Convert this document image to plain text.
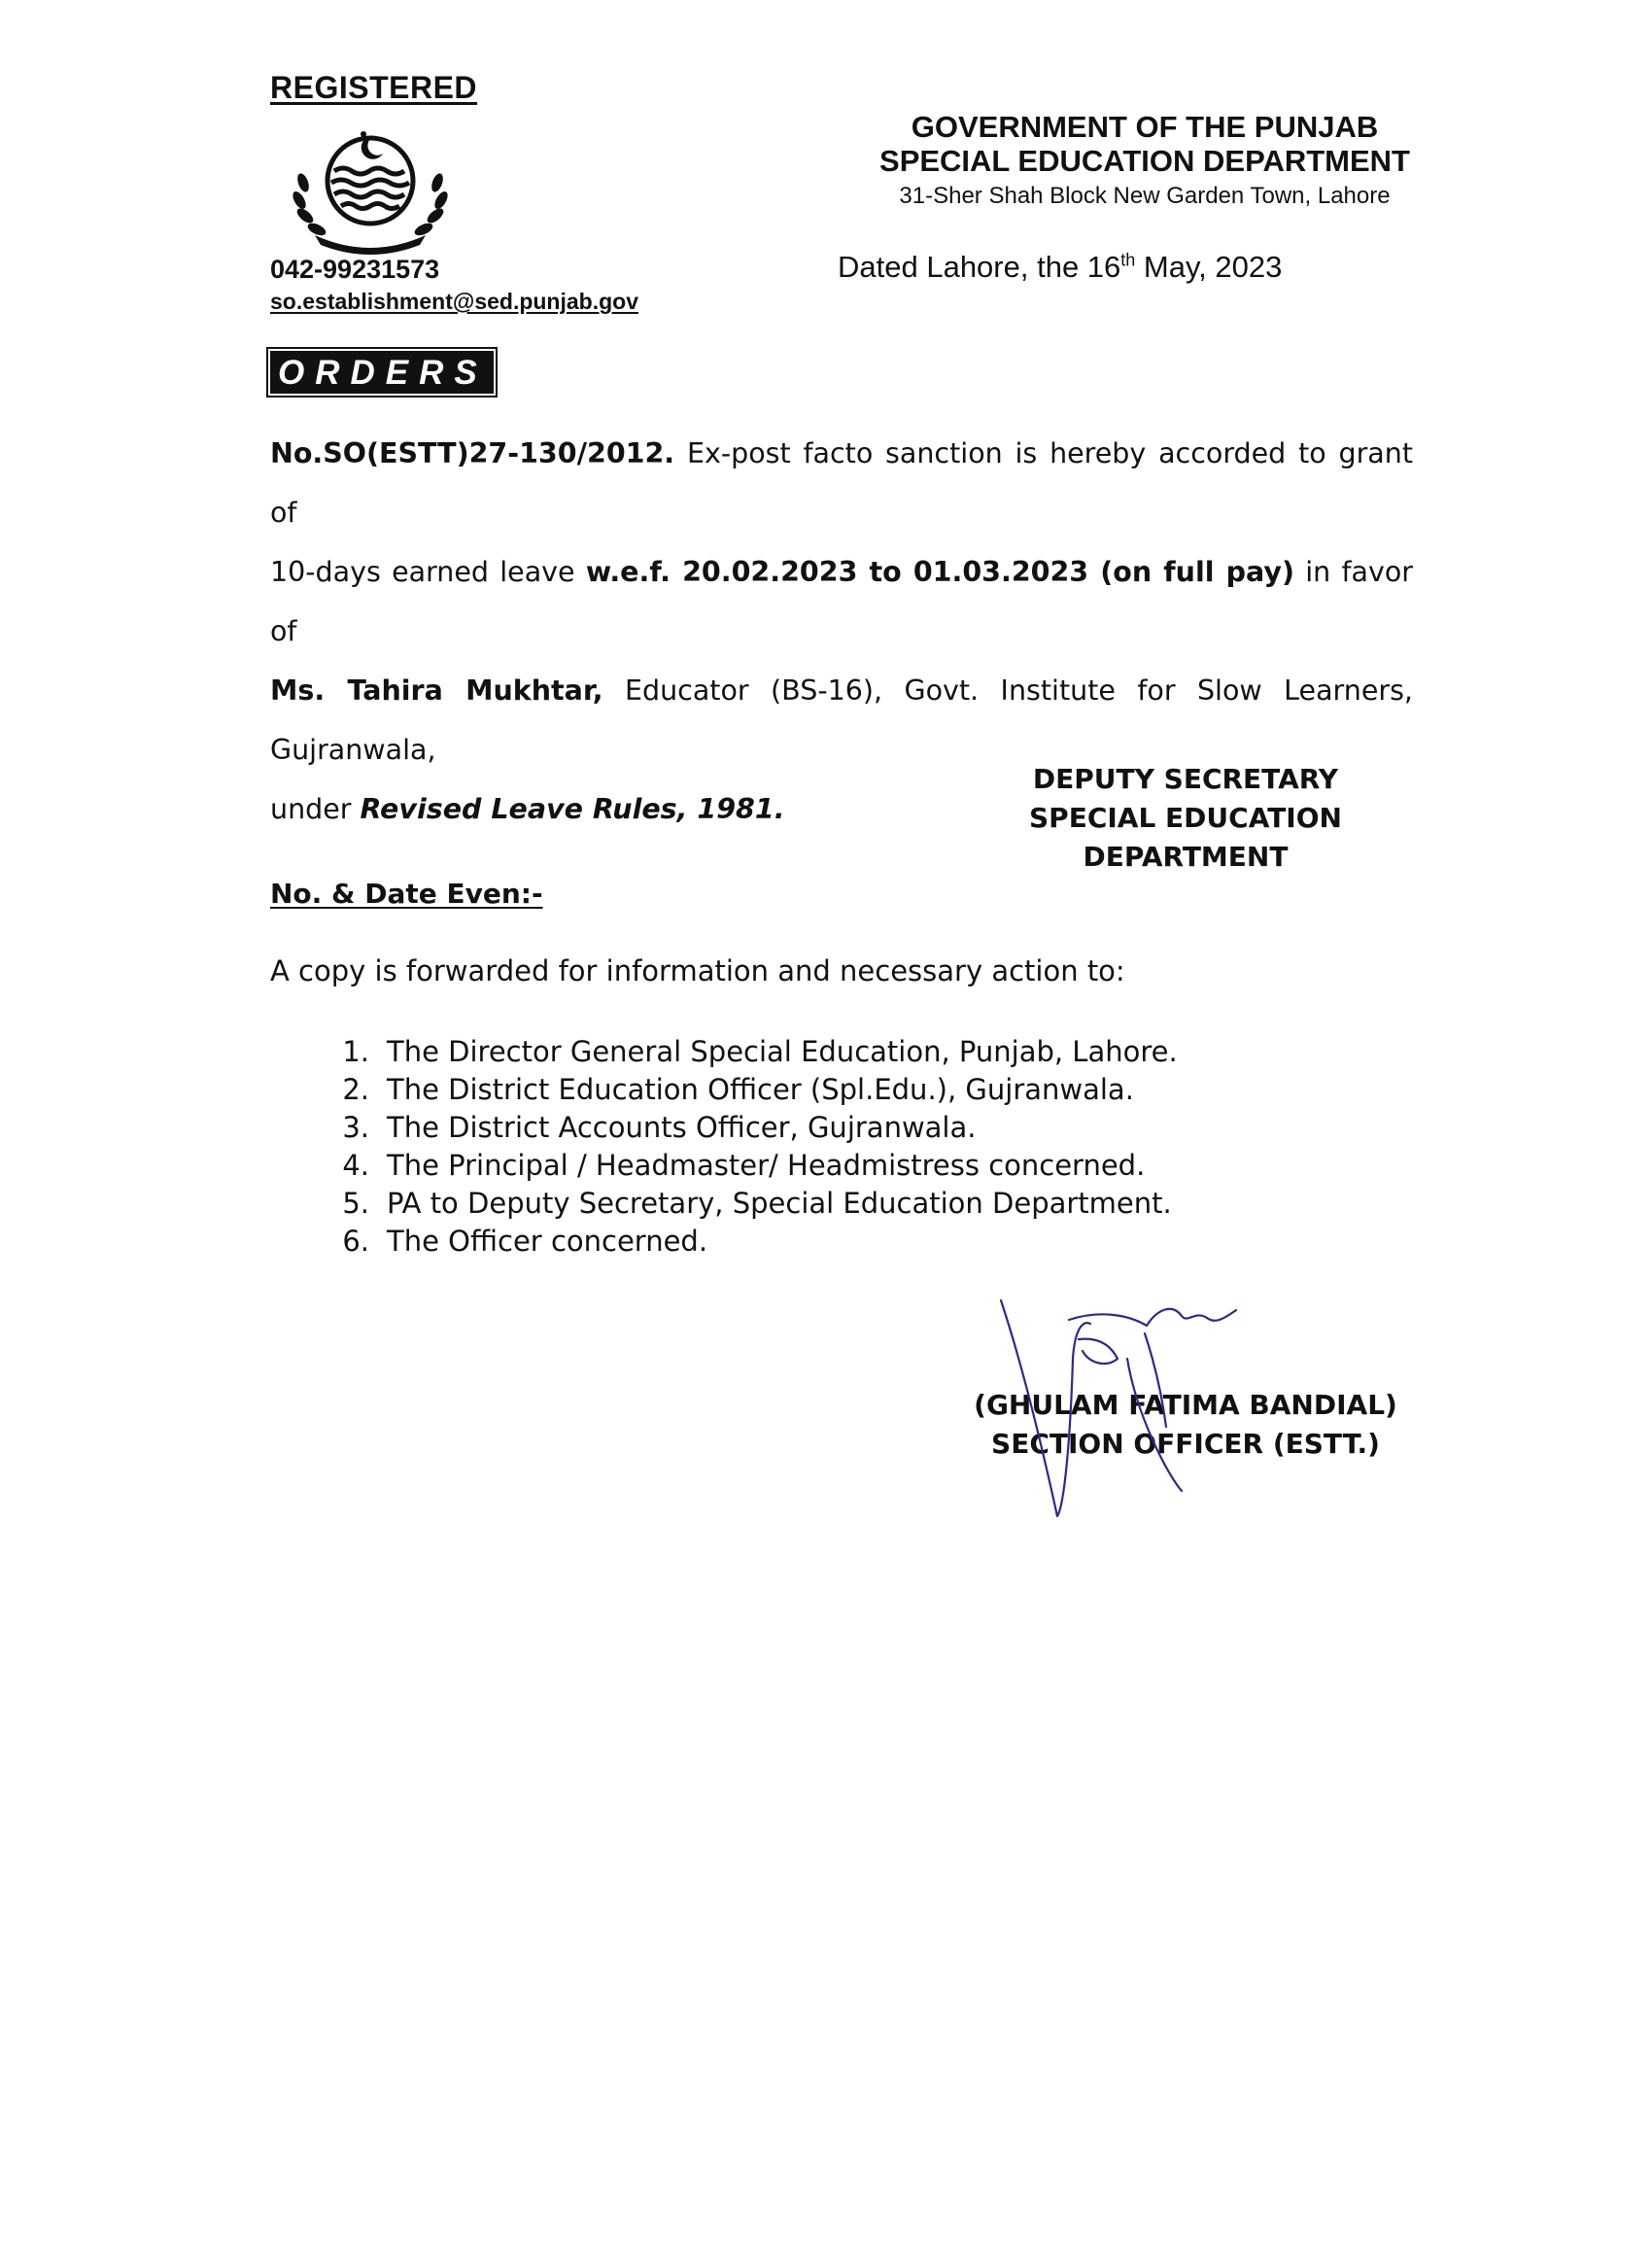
REGISTERED
042-99231573
so.establishment@sed.punjab.gov
GOVERNMENT OF THE PUNJAB
SPECIAL EDUCATION DEPARTMENT
31-Sher Shah Block New Garden Town, Lahore
Dated Lahore, the 16th May, 2023
ORDERS
No.SO(ESTT)27-130/2012. Ex-post facto sanction is hereby accorded to grant of
10-days earned leave w.e.f. 20.02.2023 to 01.03.2023 (on full pay) in favor of
Ms. Tahira Mukhtar, Educator (BS-16), Govt. Institute for Slow Learners, Gujranwala,
under Revised Leave Rules, 1981.
DEPUTY SECRETARY
SPECIAL EDUCATION
DEPARTMENT
No. & Date Even:-
A copy is forwarded for information and necessary action to:
1. The Director General Special Education, Punjab, Lahore.
2. The District Education Officer (Spl.Edu.), Gujranwala.
3. The District Accounts Officer, Gujranwala.
4. The Principal / Headmaster/ Headmistress concerned.
5. PA to Deputy Secretary, Special Education Department.
6. The Officer concerned.
(GHULAM FATIMA BANDIAL)
SECTION OFFICER (ESTT.)
